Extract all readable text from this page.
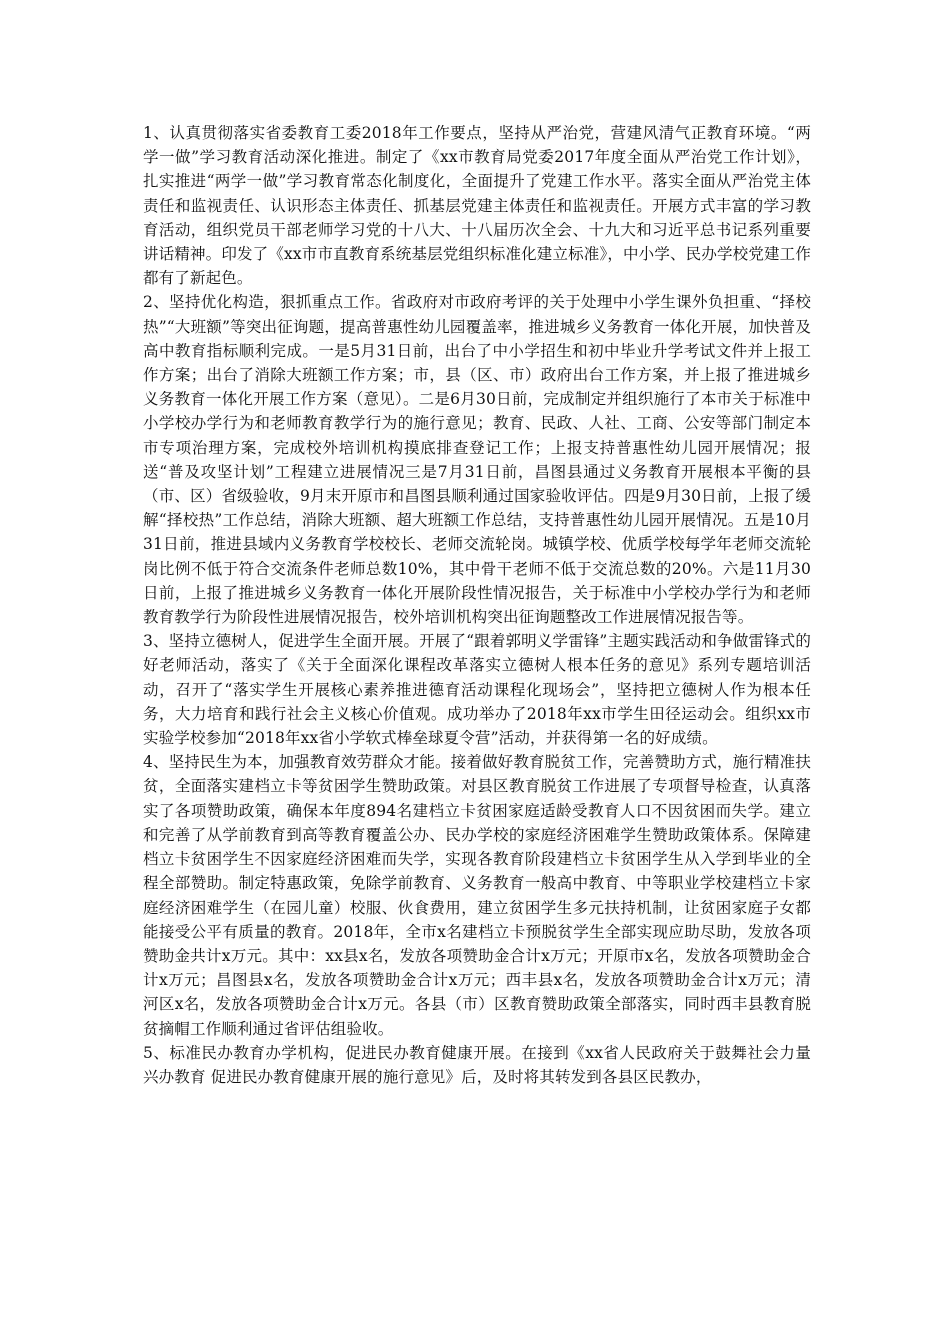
1、认真贯彻落实省委教育工委2018年工作要点，坚持从严治党，营建风清气正教育环境。“两学一做”学习教育活动深化推进。制定了《xx市教育局党委2017年度全面从严治党工作计划》，扎实推进“两学一做”学习教育常态化制度化，全面提升了党建工作水平。落实全面从严治党主体责任和监视责任、认识形态主体责任、抓基层党建主体责任和监视责任。开展方式丰富的学习教育活动，组织党员干部老师学习党的十八大、十八届历次全会、十九大和习近平总书记系列重要讲话精神。印发了《xx市市直教育系统基层党组织标准化建立标准》，中小学、民办学校党建工作都有了新起色。

2、坚持优化构造，狠抓重点工作。省政府对市政府考评的关于处理中小学生课外负担重、“择校热”“大班额”等突出征询题，提高普惠性幼儿园覆盖率，推进城乡义务教育一体化开展，加快普及高中教育指标顺利完成。一是5月31日前，出台了中小学招生和初中毕业升学考试文件并上报工作方案；出台了消除大班额工作方案；市，县（区、市）政府出台工作方案，并上报了推进城乡义务教育一体化开展工作方案（意见）。二是6月30日前，完成制定并组织施行了本市关于标准中小学校办学行为和老师教育教学行为的施行意见；教育、民政、人社、工商、公安等部门制定本市专项治理方案，完成校外培训机构摸底排查登记工作；上报支持普惠性幼儿园开展情况；报送“普及攻坚计划”工程建立进展情况三是7月31日前，昌图县通过义务教育开展根本平衡的县（市、区）省级验收，9月末开原市和昌图县顺利通过国家验收评估。四是9月30日前，上报了缓解“择校热”工作总结，消除大班额、超大班额工作总结，支持普惠性幼儿园开展情况。五是10月31日前，推进县域内义务教育学校校长、老师交流轮岗。城镇学校、优质学校每学年老师交流轮岗比例不低于符合交流条件老师总数10%，其中骨干老师不低于交流总数的20%。六是11月30日前，上报了推进城乡义务教育一体化开展阶段性情况报告，关于标准中小学校办学行为和老师教育教学行为阶段性进展情况报告，校外培训机构突出征询题整改工作进展情况报告等。

3、坚持立德树人，促进学生全面开展。开展了“跟着郭明义学雷锋”主题实践活动和争做雷锋式的好老师活动，落实了《关于全面深化课程改革落实立德树人根本任务的意见》系列专题培训活动，召开了“落实学生开展核心素养推进德育活动课程化现场会”，坚持把立德树人作为根本任务，大力培育和践行社会主义核心价值观。成功举办了2018年xx市学生田径运动会。组织xx市实验学校参加“2018年xx省小学软式棒垒球夏令营”活动，并获得第一名的好成绩。

4、坚持民生为本，加强教育效劳群众才能。接着做好教育脱贫工作，完善赞助方式，施行精准扶贫，全面落实建档立卡等贫困学生赞助政策。对县区教育脱贫工作进展了专项督导检查，认真落实了各项赞助政策，确保本年度894名建档立卡贫困家庭适龄受教育人口不因贫困而失学。建立和完善了从学前教育到高等教育覆盖公办、民办学校的家庭经济困难学生赞助政策体系。保障建档立卡贫困学生不因家庭经济困难而失学，实现各教育阶段建档立卡贫困学生从入学到毕业的全程全部赞助。制定特惠政策，免除学前教育、义务教育一般高中教育、中等职业学校建档立卡家庭经济困难学生（在园儿童）校服、伙食费用，建立贫困学生多元扶持机制，让贫困家庭子女都能接受公平有质量的教育。2018年，全市x名建档立卡预脱贫学生全部实现应助尽助，发放各项赞助金共计x万元。其中：xx县x名，发放各项赞助金合计x万元；开原市x名，发放各项赞助金合计x万元；昌图县x名，发放各项赞助金合计x万元；西丰县x名，发放各项赞助金合计x万元；清河区x名，发放各项赞助金合计x万元。各县（市）区教育赞助政策全部落实，同时西丰县教育脱贫摘帽工作顺利通过省评估组验收。

5、标准民办教育办学机构，促进民办教育健康开展。在接到《xx省人民政府关于鼓舞社会力量兴办教育 促进民办教育健康开展的施行意见》后，及时将其转发到各县区民教办，
